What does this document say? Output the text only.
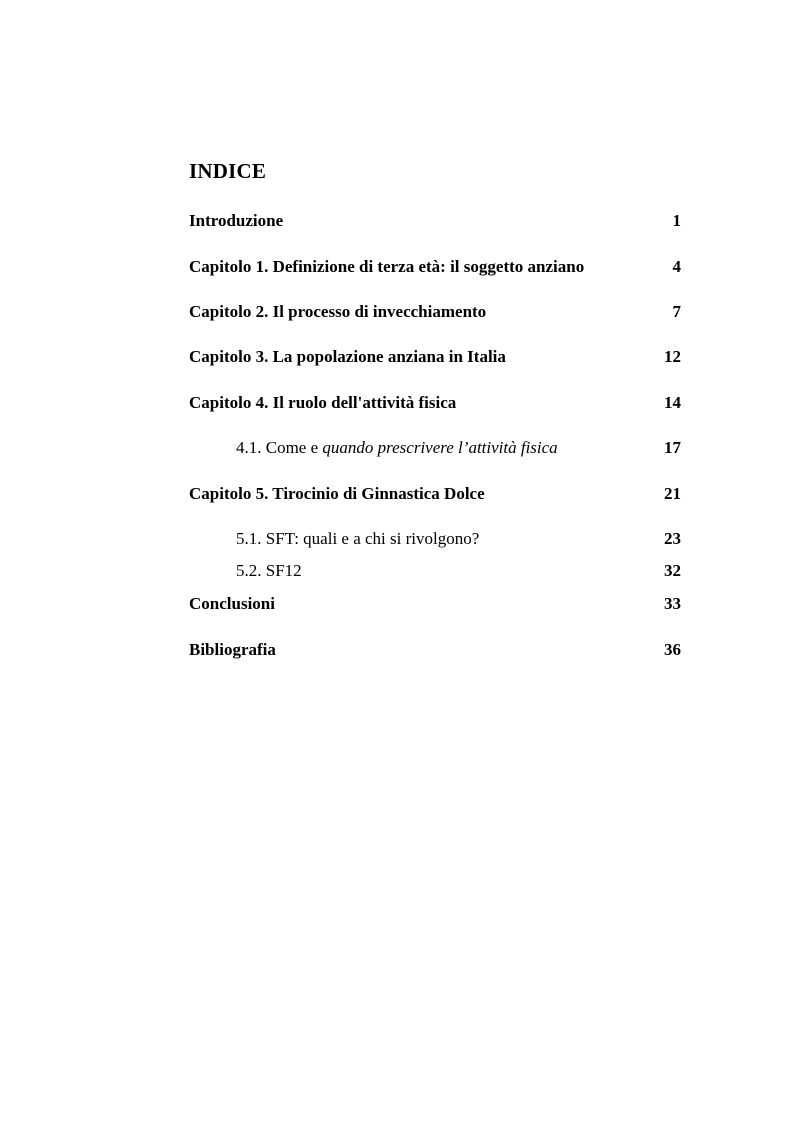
INDICE
Introduzione	1
Capitolo 1. Definizione di terza età: il soggetto anziano	4
Capitolo 2. Il processo di invecchiamento	7
Capitolo 3. La popolazione anziana in Italia	12
Capitolo 4. Il ruolo dell'attività fisica	14
4.1. Come e quando prescrivere l’attività fisica	17
Capitolo 5. Tirocinio di Ginnastica Dolce	21
5.1. SFT: quali e a chi si rivolgono?	23
5.2. SF12	32
Conclusioni	33
Bibliografia	36
